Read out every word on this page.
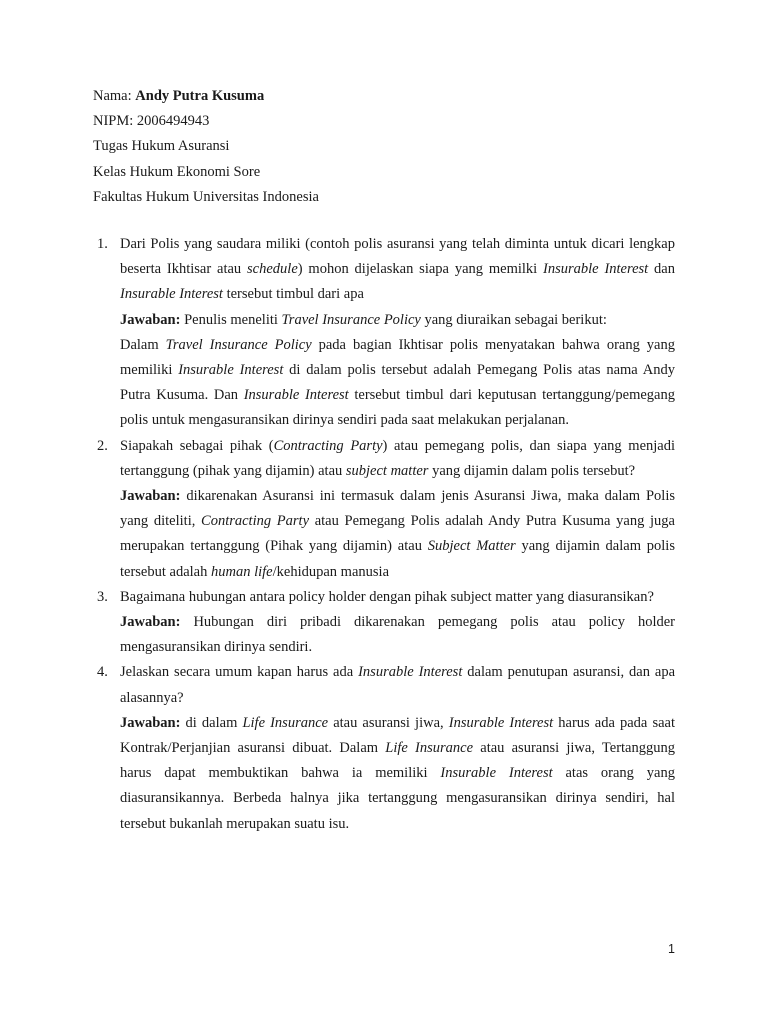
Nama: Andy Putra Kusuma
NIPM: 2006494943
Tugas Hukum Asuransi
Kelas Hukum Ekonomi Sore
Fakultas Hukum Universitas Indonesia
1. Dari Polis yang saudara miliki (contoh polis asuransi yang telah diminta untuk dicari lengkap beserta Ikhtisar atau schedule) mohon dijelaskan siapa yang memilki Insurable Interest dan Insurable Interest tersebut timbul dari apa
Jawaban: Penulis meneliti Travel Insurance Policy yang diuraikan sebagai berikut:
Dalam Travel Insurance Policy pada bagian Ikhtisar polis menyatakan bahwa orang yang memiliki Insurable Interest di dalam polis tersebut adalah Pemegang Polis atas nama Andy Putra Kusuma. Dan Insurable Interest tersebut timbul dari keputusan tertanggung/pemegang polis untuk mengasuransikan dirinya sendiri pada saat melakukan perjalanan.
2. Siapakah sebagai pihak (Contracting Party) atau pemegang polis, dan siapa yang menjadi tertanggung (pihak yang dijamin) atau subject matter yang dijamin dalam polis tersebut?
Jawaban: dikarenakan Asuransi ini termasuk dalam jenis Asuransi Jiwa, maka dalam Polis yang diteliti, Contracting Party atau Pemegang Polis adalah Andy Putra Kusuma yang juga merupakan tertanggung (Pihak yang dijamin) atau Subject Matter yang dijamin dalam polis tersebut adalah human life/kehidupan manusia
3. Bagaimana hubungan antara policy holder dengan pihak subject matter yang diasuransikan?
Jawaban: Hubungan diri pribadi dikarenakan pemegang polis atau policy holder mengasuransikan dirinya sendiri.
4. Jelaskan secara umum kapan harus ada Insurable Interest dalam penutupan asuransi, dan apa alasannya?
Jawaban: di dalam Life Insurance atau asuransi jiwa, Insurable Interest harus ada pada saat Kontrak/Perjanjian asuransi dibuat. Dalam Life Insurance atau asuransi jiwa, Tertanggung harus dapat membuktikan bahwa ia memiliki Insurable Interest atas orang yang diasuransikannya. Berbeda halnya jika tertanggung mengasuransikan dirinya sendiri, hal tersebut bukanlah merupakan suatu isu.
1
